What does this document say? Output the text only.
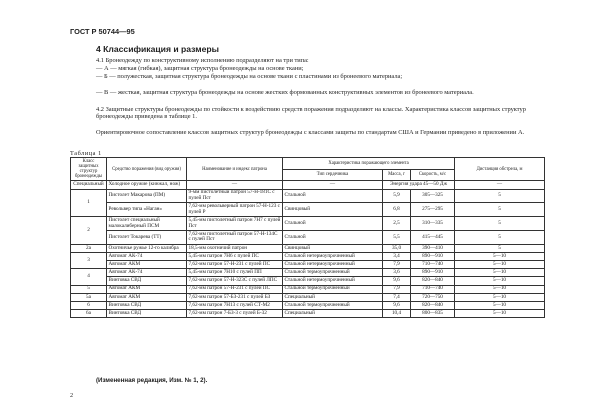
ГОСТ Р 50744—95
4 Классификация и размеры
4.1 Бронеодежду по конструктивному исполнению подразделяют на три типа:
— А — мягкая (гибкая), защитная структура бронеодежды на основе ткани;
— Б — полужесткая, защитная структура бронеодежды на основе ткани с пластинами из бронеевого материала;
— В — жесткая, защитная структура бронеодежды на основе жестких формованных конструктивных элементов из бронеевого материала.
4.2 Защитные структуры бронеодежды по стойкости к воздействию средств поражения подразделяют на классы. Характеристика классов защитных структур бронеодежды приведена в таблице 1.
Ориентировочное сопоставление классов защитных структур бронеодежды с классами защиты по стандартам США и Германии приведено в приложении А.
Таблица 1
Класс защитных структур бронеодежды	Средство поражения (вид оружия)	Наименование и индекс патрона	Характеристика поражающего элемента			Дистанция обстрела, м
			Тип сердечника	Масса, г	Скорость, м/с	
Специальный	Холодное оружие (кинжал, нож)	—	—	Энергия удара 45—50 Дж		—
1	Пистолет Макарова (ПМ)	9-мм пистолетный патрон 57-Н-181С с пулей Пст	Стальной	5,9	305—325	5
	Револьвер типа «Наган»	7,62-мм револьверный патрон 57-Н-123 с пулей Р	Свинцовый	6,8	275—295	5
2	Пистолет специальный малокалиберный ПСМ	5,45-мм пистолетный патрон 7Н7 с пулей Пст	Стальной	2,5	310—335	5
	Пистолет Токарева (ТТ)	7,62-мм пистолетный патрон 57-Н-134С с пулей Пст	Стальной	5,5	415—445	5
2а	Охотничье ружье 12-го калибра	18,5-мм охотничий патрон	Свинцовый	35,0	390—410	5
3	Автомат АК-74	5,45-мм патрон 7Н6 с пулей ПС	Стальной нетермоупрочненный	3,4	890—910	5—10
	Автомат АКМ	7,62-мм патрон 57-Н-231 с пулей ПС	Стальной нетермоупрочненный	7,9	710—740	5—10
4	Автомат АК-74	5,45-мм патрон 7Н10 с пулей ПП	Стальной термоупрочненный	3,6	890—910	5—10
	Винтовка СВД	7,62-мм патрон 57-Н-323С с пулей ЛПС	Стальной нетермоупрочненный	9,6	820—840	5—10
5	Автомат АКМ	7,62-мм патрон 57-Н-231 с пулей ПС	Стальной термоупрочненный	7,9	710—740	5—10
5а	Автомат АКМ	7,62-мм патрон 57-БЗ-231 с пулей БЗ	Специальный	7,4	720—750	5—10
6	Винтовка СВД	7,62-мм патрон 7Н13 с пулей СТ-М2	Стальной термоупрочненный	9,6	820—840	5—10
6а	Винтовка СВД	7,62-мм патрон 7-БЗ-3 с пулей Б-32	Специальный	10,4	800—835	5—10
(Измененная редакция, Изм. № 1, 2).
2
